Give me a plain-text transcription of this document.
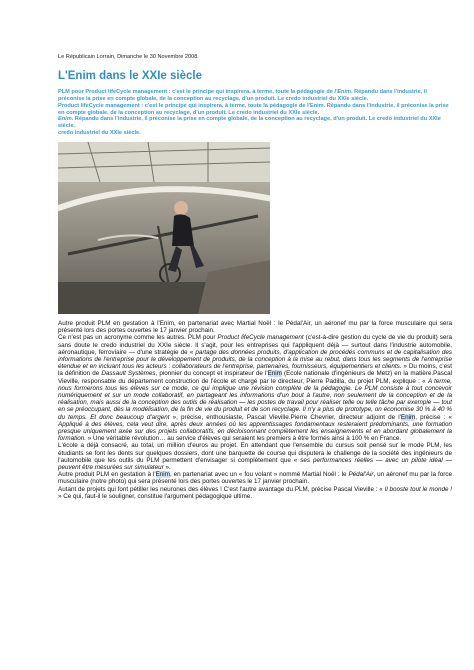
Le Républicain Lorrain, Dimanche le 30 Novembre 2008.

L'Enim dans le XXIe siècle

PLM pour Product lifeCycle management : c'est le principe qui inspirera, à terme, toute la pédagogie de l'Enim. Répandu dans l'industrie, il préconise la prise en compte globale, de la conception au recyclage, d'un produit. Le credo industriel du XXIe siècle.

Product lifeCycle management : c'est le principe qui inspirera, à terme, toute la pédagogie de l'Enim. Répandu dans l'industrie, il préconise la prise en compte globale, de la conception au recyclage, d'un produit. Le credo industriel du XXIe siècle.

Enim. Répandu dans l'industrie, il préconise la prise en compte globale, de la conception au recyclage, d'un produit. Le credo industriel du XXIe siècle.

credo industriel du XXIe siècle.

Autre produit PLM en gestation à l'Enim, en partenariat avec Martial Noël : le Pédal'Air, un aéronef mu par la force musculaire qui sera présenté lors des portes ouvertes le 17 janvier prochain.

Ce n'est pas un acronyme comme les autres. PLM pour Product lifeCycle management (c'est-à-dire gestion du cycle de vie du produit) sera sans doute le credo industriel du XXIe siècle. Il s'agit, pour les entreprises qui l'appliquent déjà — surtout dans l'industrie automobile, aéronautique, ferroviaire — d'une stratégie de « partage des données produits, d'application de procédés communs et de capitalisation des informations de l'entreprise pour le développement de produits, de la conception à la mise au rebut, dans tous les segments de l'entreprise étendue et en incluant tous les acteurs : collaborateurs de l'entreprise, partenaires, fournisseurs, équipementiers et clients. » Du moins, c'est la définition de Dassault Systèmes, pionnier du concept et inspirateur de l'Enim (Ecole nationale d'ingénieurs de Metz) en la matière.Pascal Vieville, responsable du département construction de l'école et chargé par le directeur, Pierre Padilla, du projet PLM, explique : « A terme, nous formerons tous les élèves sur ce mode, ce qui implique une révision complète de la pédagogie. Le PLM consiste à tout concevoir numériquement et sur un mode collaboratif, en partageant les informations d'un bout à l'autre, non seulement de la conception et de la réalisation, mais aussi de la conception des outils de réalisation — les postes de travail pour réaliser telle ou telle tâche par exemple — tout en se préoccupant, dès la modélisation, de la fin de vie du produit et de son recyclage. Il n'y a plus de prototype, on économise 30 % à 40 % du temps. Et donc beaucoup d'argent », précise, enthousiaste, Pascal Vieville.Pierre Chevrier, directeur adjoint de l'Enim, précise : « Appliqué à des élèves, cela veut dire, après deux années où les apprentissages fondamentaux resteraient prédominants, une formation presque uniquement axée sur des projets collaboratifs, en décloisonnant complètement les enseignements et en abordant globalement la formation. » Une véritable révolution… au service d'élèves qui seraient les premiers à être formés ainsi à 100 % en France.

L'école a déjà consacré, au total, un million d'euros au projet. En attendant que l'ensemble du cursus soit pensé sur le mode PLM, les étudiants se font les dents sur quelques dossiers, dont une barquette de course qui disputera le challenge de la société des ingénieurs de l'automobile que les outils du PLM permettent d'envisager si complètement que « ses performances réelles — avec un pilote idéal — peuvent être mesurées sur simulateur ».

Autre produit PLM en gestation à l'Enim, en partenariat avec un « fou volant » nommé Martial Noël : le Pédal'Air, un aéronef mu par la force musculaire (notre photo) qui sera présenté lors des portes ouvertes le 17 janvier prochain.

Autant de projets qui font pétiller les neurones des élèves ! C'est l'autre avantage du PLM, précise Pascal Vieville : « Il booste tout le monde ! » Ce qui, faut-il le souligner, constitue l'argument pédagogique ultime.
